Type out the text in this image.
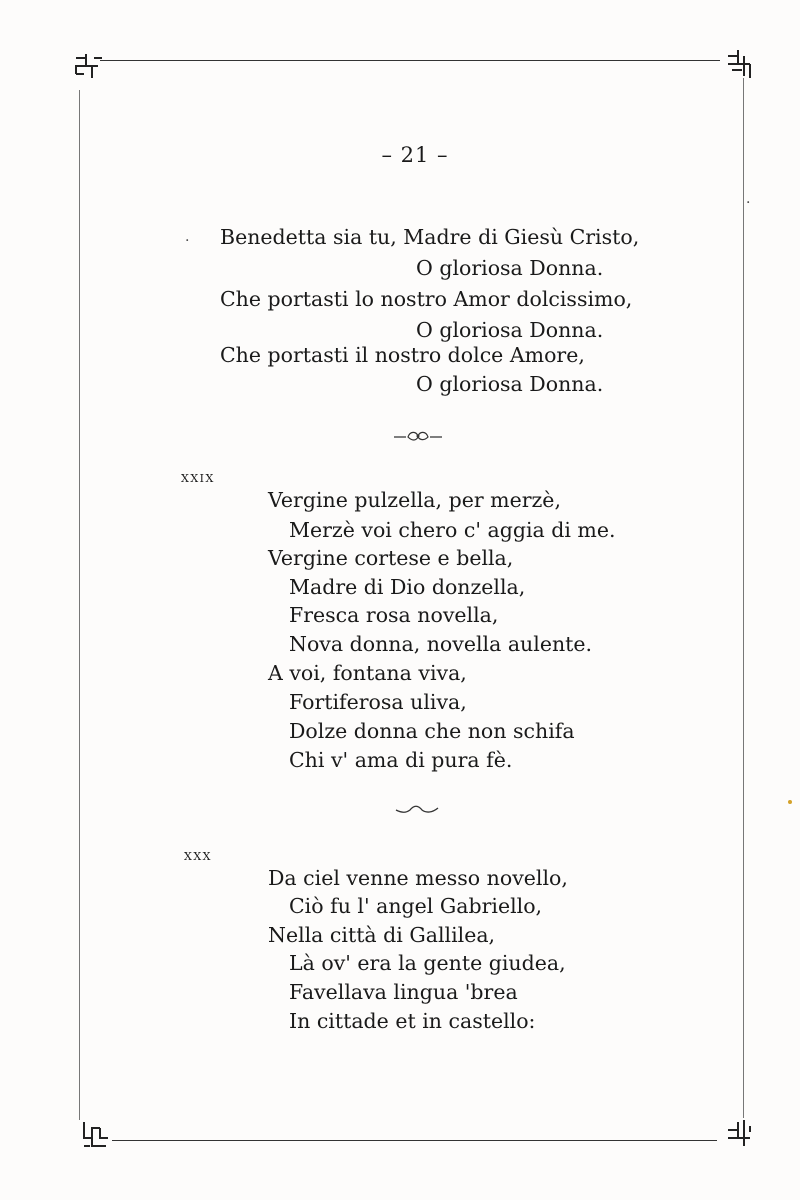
– 21 –
.
·
Benedetta sia tu, Madre di Giesù Cristo,
O gloriosa Donna.
Che portasti lo nostro Amor dolcissimo,
O gloriosa Donna.
Che portasti il nostro dolce Amore,
O gloriosa Donna.
XXIX
Vergine pulzella, per merzè,
Merzè voi chero c' aggia di me.
Vergine cortese e bella,
Madre di Dio donzella,
Fresca rosa novella,
Nova donna, novella aulente.
A voi, fontana viva,
Fortiferosa uliva,
Dolze donna che non schifa
Chi v' ama di pura fè.
XXX
Da ciel venne messo novello,
Ciò fu l' angel Gabriello,
Nella città di Gallilea,
Là ov' era la gente giudea,
Favellava lingua 'brea
In cittade et in castello:
